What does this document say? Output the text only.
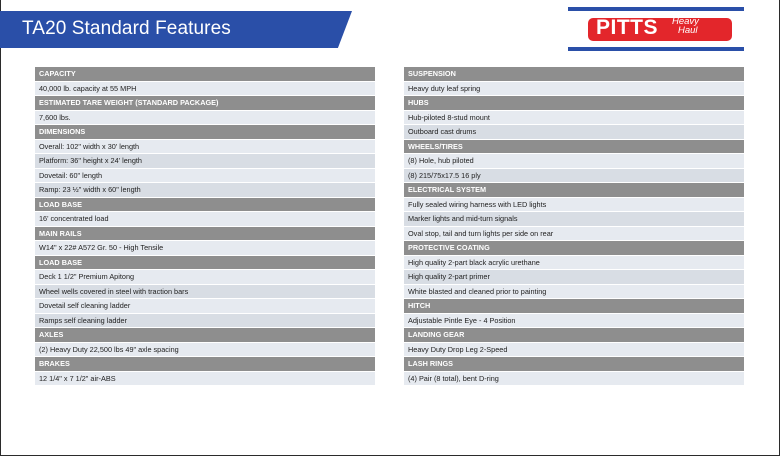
TA20 Standard Features	PITTS Heavy
Haul
CAPACITY
40,000 lb. capacity at 55 MPH
ESTIMATED TARE WEIGHT (STANDARD PACKAGE)
7,600 lbs.
DIMENSIONS
Overall: 102" width x 30' length
Platform: 36" height x 24' length
Dovetail: 60" length
Ramp: 23 ½" width x 60" length
LOAD BASE
16' concentrated load
MAIN RAILS
W14" x 22# A572 Gr. 50 - High Tensile
LOAD BASE
Deck 1 1/2" Premium Apitong
Wheel wells covered in steel with traction bars
Dovetail self cleaning ladder
Ramps self cleaning ladder
AXLES
(2) Heavy Duty 22,500 lbs 49" axle spacing
BRAKES
12 1/4" x 7 1/2" air-ABS
SUSPENSION
Heavy duty leaf spring
HUBS
Hub-piloted 8-stud mount
Outboard cast drums
WHEELS/TIRES
(8) Hole, hub piloted
(8) 215/75x17.5 16 ply
ELECTRICAL SYSTEM
Fully sealed wiring harness with LED lights
Marker lights and mid-turn signals
Oval stop, tail and turn lights per side on rear
PROTECTIVE COATING
High quality 2-part black acrylic urethane
High quality 2-part primer
White blasted and cleaned prior to painting
HITCH
Adjustable Pintle Eye - 4 Position
LANDING GEAR
Heavy Duty Drop Leg 2-Speed
LASH RINGS
(4) Pair (8 total), bent D-ring
